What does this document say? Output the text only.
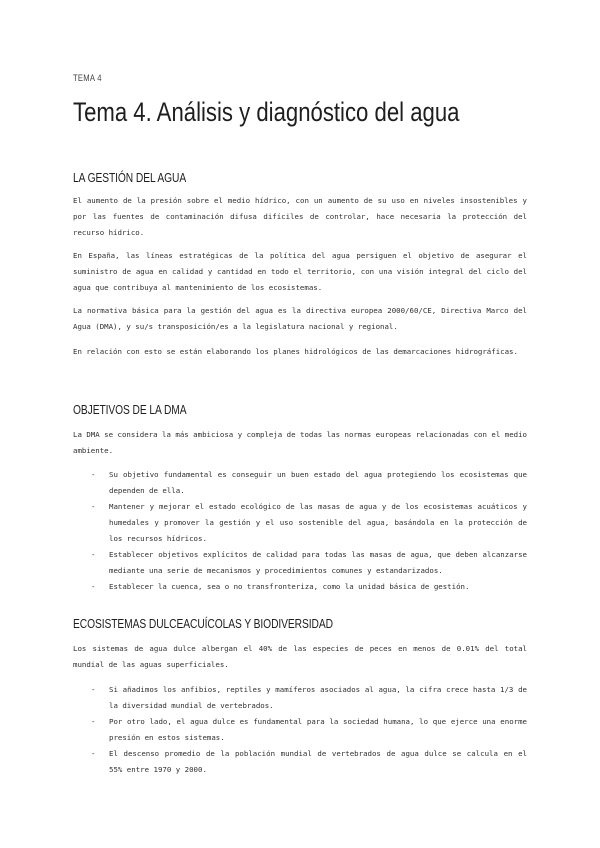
TEMA 4
Tema 4. Análisis y diagnóstico del agua
LA GESTIÓN DEL AGUA

El aumento de la presión sobre el medio hídrico, con un aumento de su uso en niveles insostenibles y por las fuentes de contaminación difusa difíciles de controlar, hace necesaria la protección del recurso hídrico.

En España, las líneas estratégicas de la política del agua persiguen el objetivo de asegurar el suministro de agua en calidad y cantidad en todo el territorio, con una visión integral del ciclo del agua que contribuya al mantenimiento de los ecosistemas.

La normativa básica para la gestión del agua es la directiva europea 2000/60/CE, Directiva Marco del Agua (DMA), y su/s transposición/es a la legislatura nacional y regional.

En relación con esto se están elaborando los planes hidrológicos de las demarcaciones hidrográficas.

OBJETIVOS DE LA DMA

La DMA se considera la más ambiciosa y compleja de todas las normas europeas relacionadas con el medio ambiente.

- Su objetivo fundamental es conseguir un buen estado del agua protegiendo los ecosistemas que dependen de ella.
- Mantener y mejorar el estado ecológico de las masas de agua y de los ecosistemas acuáticos y humedales y promover la gestión y el uso sostenible del agua, basándola en la protección de los recursos hídricos.
- Establecer objetivos explícitos de calidad para todas las masas de agua, que deben alcanzarse mediante una serie de mecanismos y procedimientos comunes y estandarizados.
- Establecer la cuenca, sea o no transfronteriza, como la unidad básica de gestión.
ECOSISTEMAS DULCEACUÍCOLAS Y BIODIVERSIDAD

Los sistemas de agua dulce albergan el 40% de las especies de peces en menos de 0.01% del total mundial de las aguas superficiales.

- Si añadimos los anfibios, reptiles y mamíferos asociados al agua, la cifra crece hasta 1/3 de la diversidad mundial de vertebrados.
- Por otro lado, el agua dulce es fundamental para la sociedad humana, lo que ejerce una enorme presión en estos sistemas.
- El descenso promedio de la población mundial de vertebrados de agua dulce se calcula en el 55% entre 1970 y 2000.
